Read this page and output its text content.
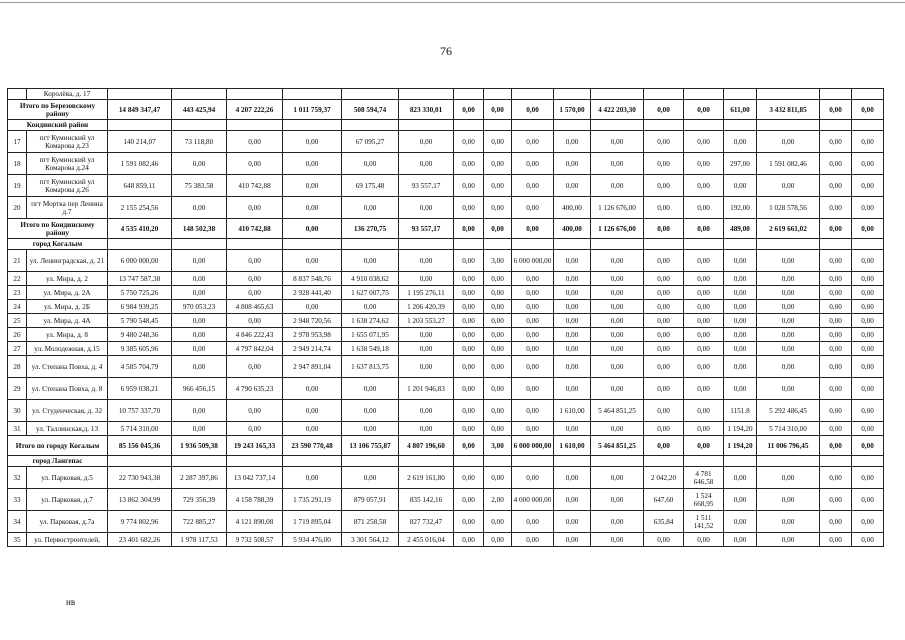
76
	Королёва, д. 17																	
Итого по Березовскому району		14 849 347,47	443 425,94	4 207 222,26	1 011 759,37	508 594,74	823 330,01	0,00	0,00	0,00	1 570,00	4 422 203,30	0,00	0,00	611,00	3 432 811,85	0,00	0,00
Кондинский район																		
17	пгт Куминский ул Комарова д.23	140 214,07	73 118,80	0,00	0,00	67 095,27	0,00	0,00	0,00	0,00	0,00	0,00	0,00	0,00	0,00	0,00	0,00	0,00
18	пгт Куминский ул Комарова д.24	1 591 082,46	0,00	0,00	0,00	0,00	0,00	0,00	0,00	0,00	0,00	0,00	0,00	0,00	297,00	1 591 082,46	0,00	0,00
19	пгт Куминский ул Комарова д.26	648 859,11	75 383,58	410 742,88	0,00	69 175,48	93 557,17	0,00	0,00	0,00	0,00	0,00	0,00	0,00	0,00	0,00	0,00	0,00
20	пгт Мортка пер Ленина д.7	2 155 254,56	0,00	0,00	0,00	0,00	0,00	0,00	0,00	0,00	400,00	1 126 676,00	0,00	0,00	192,00	1 028 578,56	0,00	0,00
Итого по Кондинскому району		4 535 410,20	148 502,38	410 742,88	0,00	136 270,75	93 557,17	0,00	0,00	0,00	400,00	1 126 676,00	0,00	0,00	489,00	2 619 661,02	0,00	0,00
город Когалым																		
21	ул. Ленинградская, д. 21	6 000 000,00	0,00	0,00	0,00	0,00	0,00	0,00	3,00	6 000 000,00	0,00	0,00	0,00	0,00	0,00	0,00	0,00	0,00
22	ул. Мира, д. 2	13 747 587,38	0,00	0,00	8 837 548,76	4 910 038,62	0,00	0,00	0,00	0,00	0,00	0,00	0,00	0,00	0,00	0,00	0,00	0,00
23	ул. Мира, д. 2А	5 750 725,26	0,00	0,00	2 928 441,40	1 627 007,75	1 195 276,11	0,00	0,00	0,00	0,00	0,00	0,00	0,00	0,00	0,00	0,00	0,00
24	ул. Мира, д. 2Б	6 984 939,25	970 053,23	4 808 465,63	0,00	0,00	1 206 420,39	0,00	0,00	0,00	0,00	0,00	0,00	0,00	0,00	0,00	0,00	0,00
25	ул. Мира, д. 4А	5 790 548,45	0,00	0,00	2 948 720,56	1 638 274,62	1 203 553,27	0,00	0,00	0,00	0,00	0,00	0,00	0,00	0,00	0,00	0,00	0,00
26	ул. Мира, д. 8	9 480 248,36	0,00	4 846 222,43	2 978 953,98	1 655 071,95	0,00	0,00	0,00	0,00	0,00	0,00	0,00	0,00	0,00	0,00	0,00	0,00
27	ул. Молодежная, д.15	9 385 605,96	0,00	4 797 842,04	2 949 214,74	1 638 549,18	0,00	0,00	0,00	0,00	0,00	0,00	0,00	0,00	0,00	0,00	0,00	0,00
28	ул. Степана Повха, д. 4	4 585 704,79	0,00	0,00	2 947 891,04	1 637 813,75	0,00	0,00	0,00	0,00	0,00	0,00	0,00	0,00	0,00	0,00	0,00	0,00
29	ул. Степана Повха, д. 8	6 959 038,21	966 456,15	4 790 635,23	0,00	0,00	1 201 946,83	0,00	0,00	0,00	0,00	0,00	0,00	0,00	0,00	0,00	0,00	0,00
30	ул. Студенческая, д. 32	10 757 337,70	0,00	0,00	0,00	0,00	0,00	0,00	0,00	0,00	1 610,00	5 464 851,25	0,00	0,00	1151.8	5 292 486,45	0,00	0,00
31	ул. Таллинская,д. 13	5 714 310,00	0,00	0,00	0,00	0,00	0,00	0,00	0,00	0,00	0,00	0,00	0,00	0,00	1 194,20	5 714 310,00	0,00	0,00
Итого по городу Когалым		85 156 045,36	1 936 509,38	19 243 165,33	23 590 770,48	13 106 755,87	4 807 196,60	0,00	3,00	6 000 000,00	1 610,00	5 464 851,25	0,00	0,00	1 194,20	11 006 796,45	0,00	0,00
город Лангепас																		
32	ул. Парковая, д.5	22 730 943,38	2 287 397,86	13 042 737,14	0,00	0,00	2 619 161,80	0,00	0,00	0,00	0,00	0,00	2 042,20	4 781 646,58	0,00	0,00	0,00	0,00
33	ул. Парковая, д.7	13 862 304,99	729 356,39	4 158 788,39	1 735 291,19	879 057,91	835 142,16	0,00	2,00	4 000 000,00	0,00	0,00	647,60	1 524 668,95	0,00	0,00	0,00	0,00
34	ул. Парковая, д.7а	9 774 802,96	722 885,27	4 121 890,08	1 719 895,04	871 258,58	827 732,47	0,00	0,00	0,00	0,00	0,00	635,84	1 511 141,52	0,00	0,00	0,00	0,00
35	ул. Первостроителей,	23 401 682,26	1 978 117,53	9 732 508,57	5 934 476,00	3 301 564,12	2 455 016,04	0,00	0,00	0,00	0,00	0,00	0,00	0,00	0,00	0,00	0,00	0,00
нв
